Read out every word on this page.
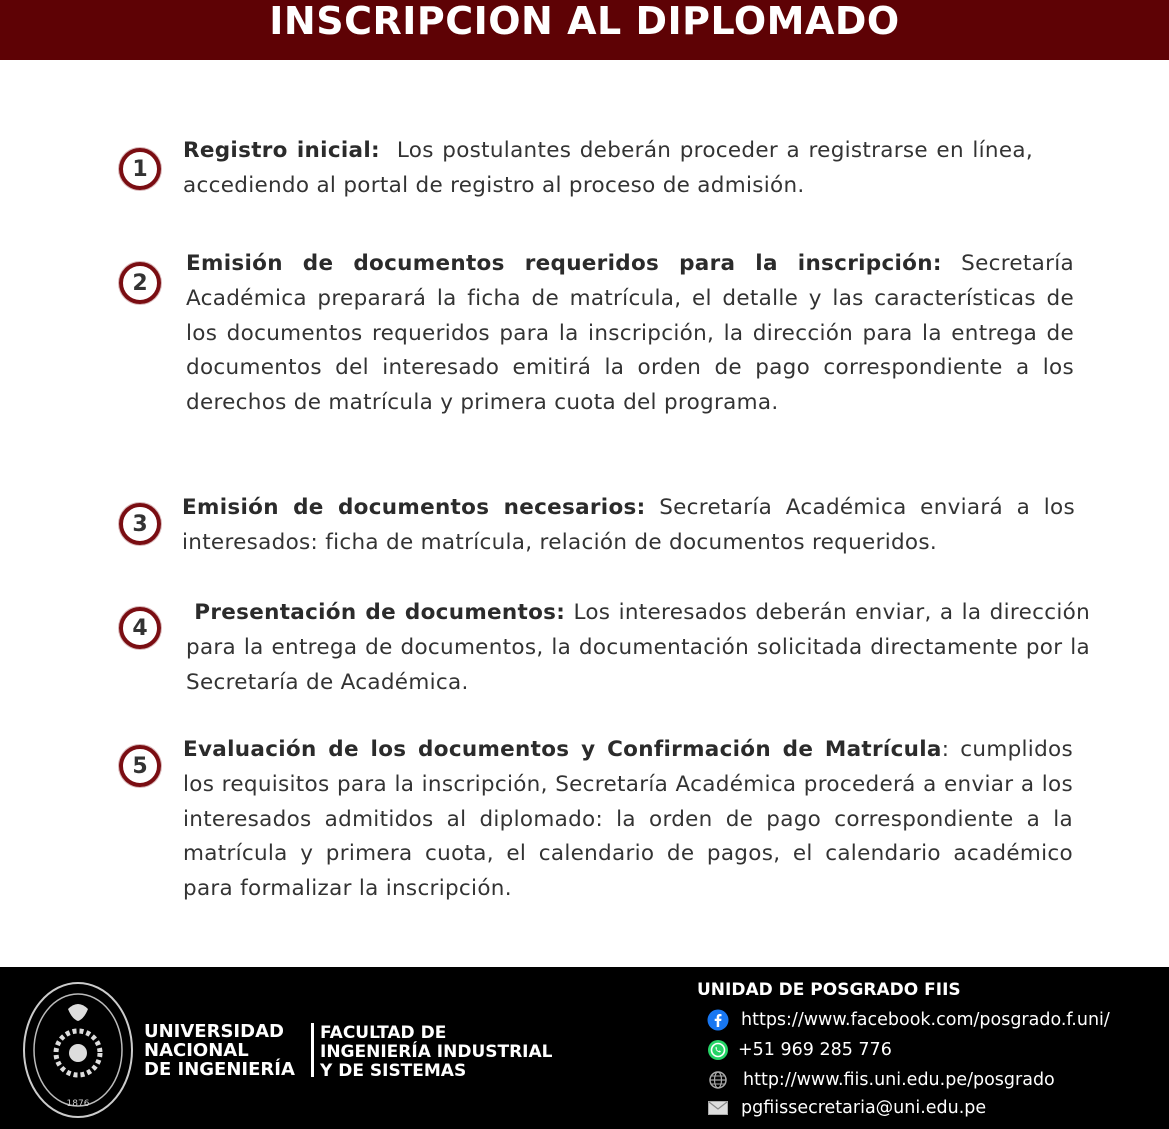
INSCRIPCION AL DIPLOMADO
1
Registro inicial: Los postulantes deberán proceder a registrarse en línea, accediendo al portal de registro al proceso de admisión.
2
Emisión de documentos requeridos para la inscripción: Secretaría Académica preparará la ficha de matrícula, el detalle y las características de los documentos requeridos para la inscripción, la dirección para la entrega de documentos del interesado emitirá la orden de pago correspondiente a los derechos de matrícula y primera cuota del programa.
3
Emisión de documentos necesarios: Secretaría Académica enviará a los interesados: ficha de matrícula, relación de documentos requeridos.
4
Presentación de documentos: Los interesados deberán enviar, a la dirección para la entrega de documentos, la documentación solicitada directamente por la Secretaría de Académica.
5
Evaluación de los documentos y Confirmación de Matrícula: cumplidos los requisitos para la inscripción, Secretaría Académica procederá a enviar a los interesados admitidos al diplomado: la orden de pago correspondiente a la matrícula y primera cuota, el calendario de pagos, el calendario académico para formalizar la inscripción.
1876
UNIVERSIDAD
NACIONAL
DE INGENIERÍA
FACULTAD DE
INGENIERÍA INDUSTRIAL
Y DE SISTEMAS
UNIDAD DE POSGRADO FIIS
https://www.facebook.com/posgrado.f.uni/
+51 969 285 776
http://www.fiis.uni.edu.pe/posgrado
pgfiissecretaria@uni.edu.pe
